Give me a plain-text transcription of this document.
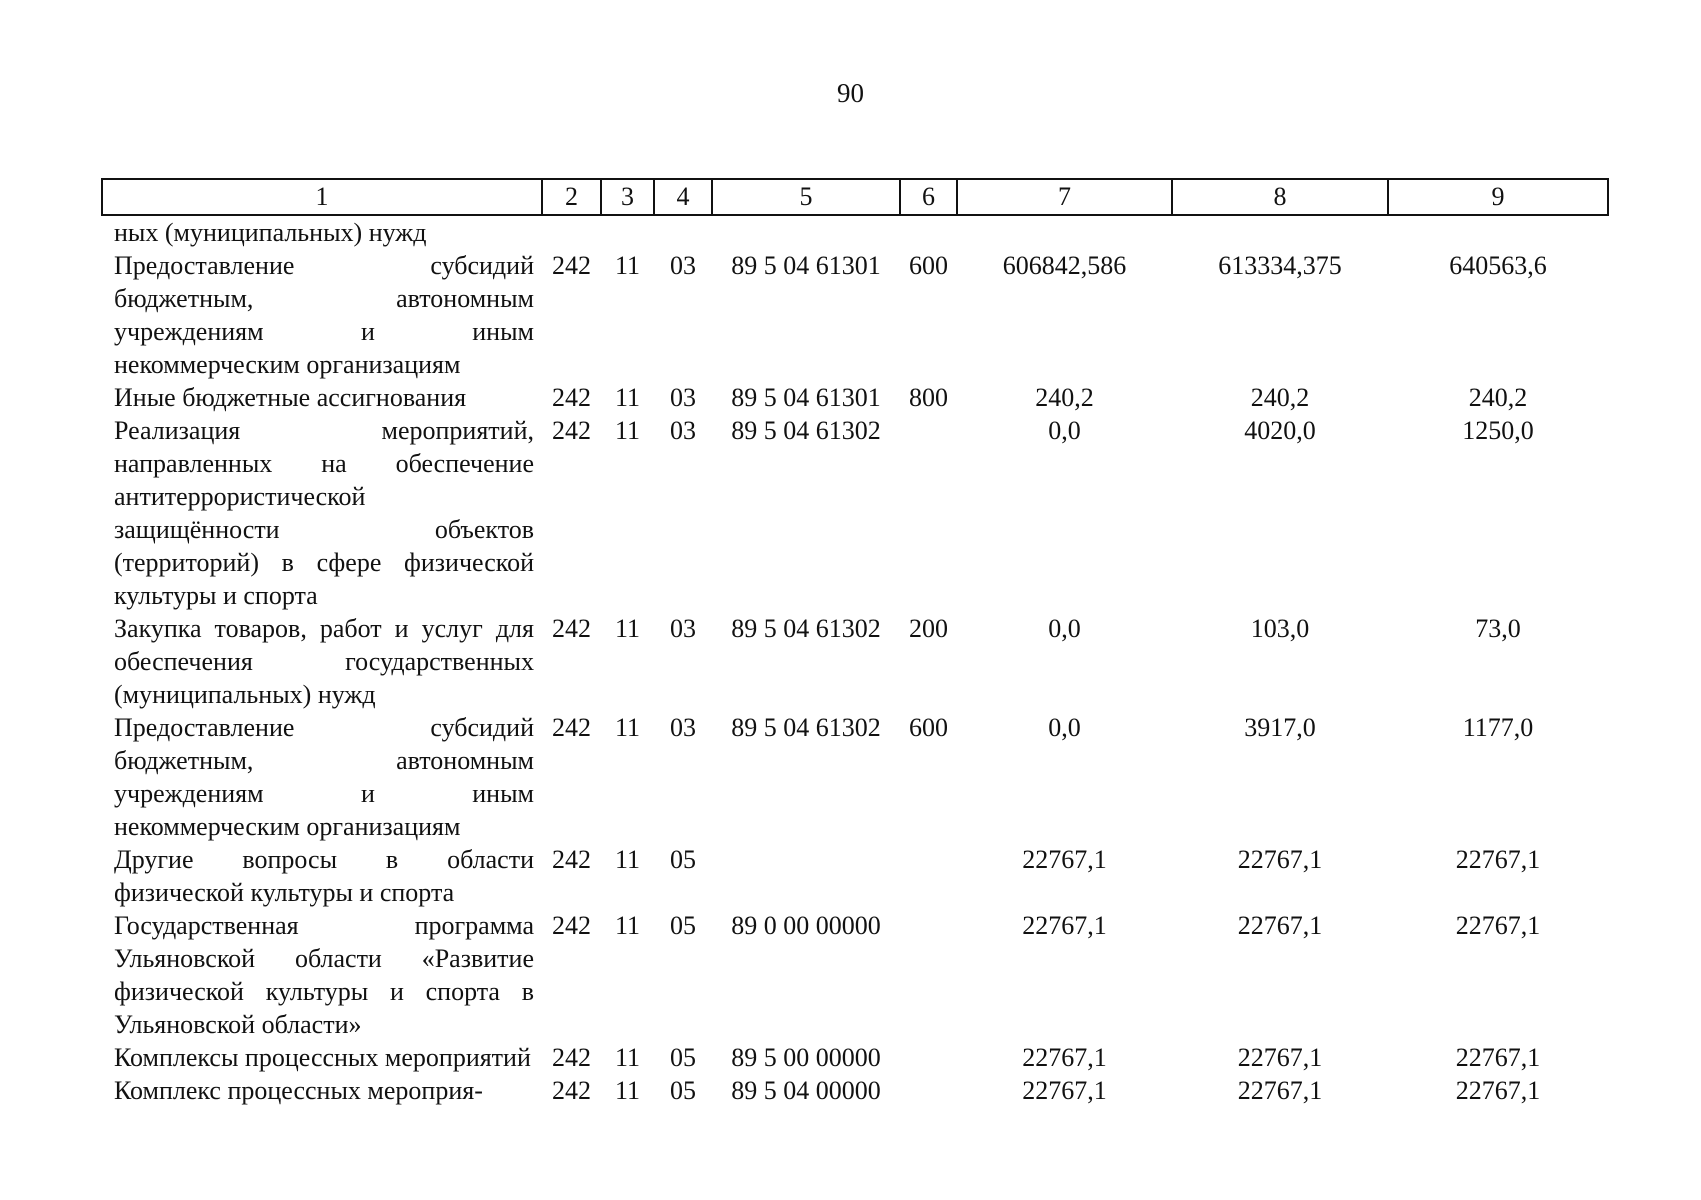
90
1	2	3	4	5	6	7	8	9
ных (муниципальных) нужд								
Предоставление субсидий бюджетным, автономным учреждениям и иным некоммерческим организациям	242	11	03	89 5 04 61301	600	606842,586	613334,375	640563,6
Иные бюджетные ассигнования	242	11	03	89 5 04 61301	800	240,2	240,2	240,2
Реализация мероприятий, направленных на обеспечение антитеррористической защищённости объектов (территорий) в сфере физической культуры и спорта	242	11	03	89 5 04 61302		0,0	4020,0	1250,0
Закупка товаров, работ и услуг для обеспечения государственных (муниципальных) нужд	242	11	03	89 5 04 61302	200	0,0	103,0	73,0
Предоставление субсидий бюджетным, автономным учреждениям и иным некоммерческим организациям	242	11	03	89 5 04 61302	600	0,0	3917,0	1177,0
Другие вопросы в области физической культуры и спорта	242	11	05			22767,1	22767,1	22767,1
Государственная программа Ульяновской области «Развитие физической культуры и спорта в Ульяновской области»	242	11	05	89 0 00 00000		22767,1	22767,1	22767,1
Комплексы процессных мероприятий	242	11	05	89 5 00 00000		22767,1	22767,1	22767,1
Комплекс процессных мероприя-	242	11	05	89 5 04 00000		22767,1	22767,1	22767,1
